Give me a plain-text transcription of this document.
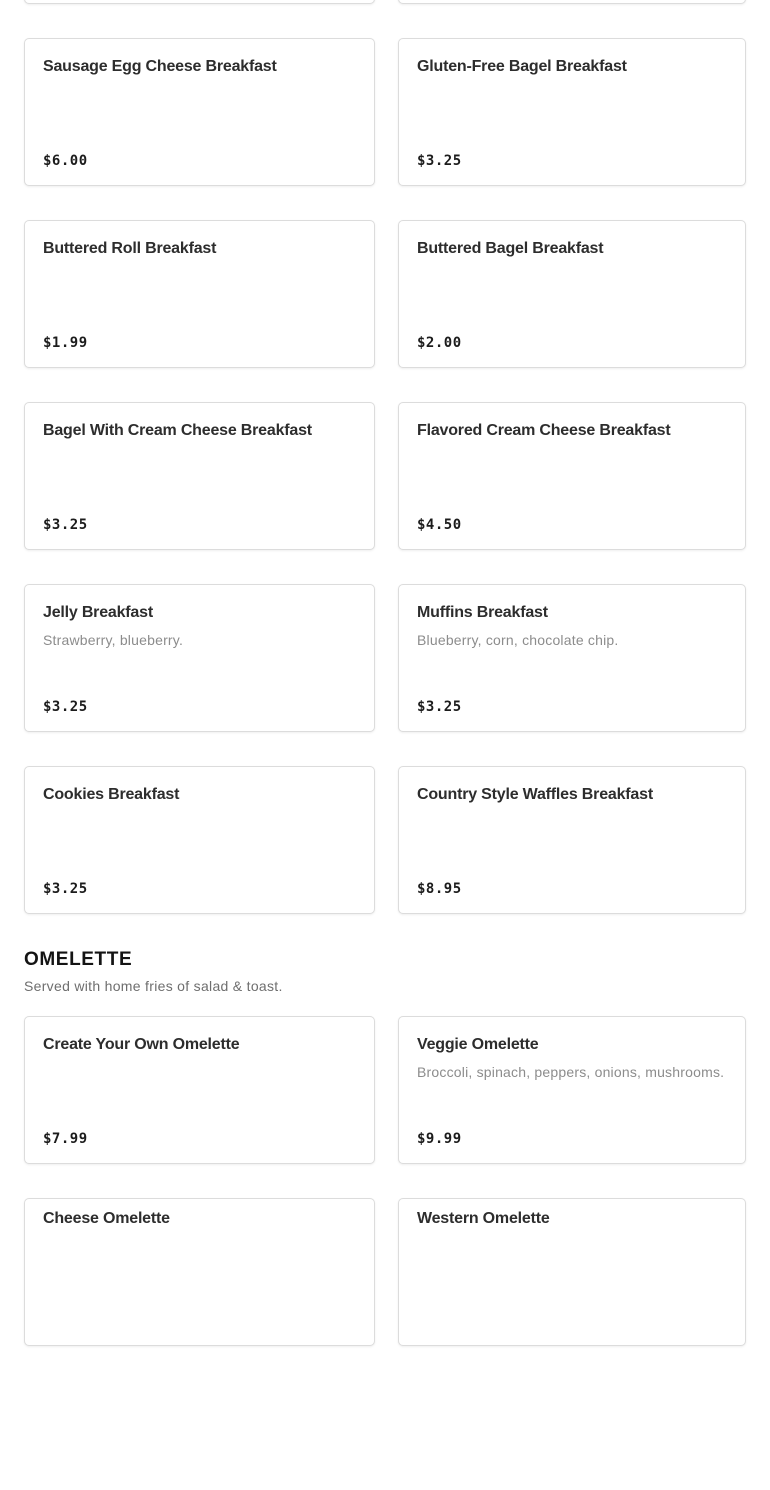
Sausage Egg Cheese Breakfast
$6.00
Gluten-Free Bagel Breakfast
$3.25
Buttered Roll Breakfast
$1.99
Buttered Bagel Breakfast
$2.00
Bagel With Cream Cheese Breakfast
$3.25
Flavored Cream Cheese Breakfast
$4.50
Jelly Breakfast

Strawberry, blueberry.

$3.25
Muffins Breakfast

Blueberry, corn, chocolate chip.

$3.25
Cookies Breakfast
$3.25
Country Style Waffles Breakfast
$8.95
OMELETTE

Served with home fries of salad & toast.

Create Your Own Omelette
$7.99
Veggie Omelette

Broccoli, spinach, peppers, onions, mushrooms.

$9.99
Cheese Omelette	Western Omelette
